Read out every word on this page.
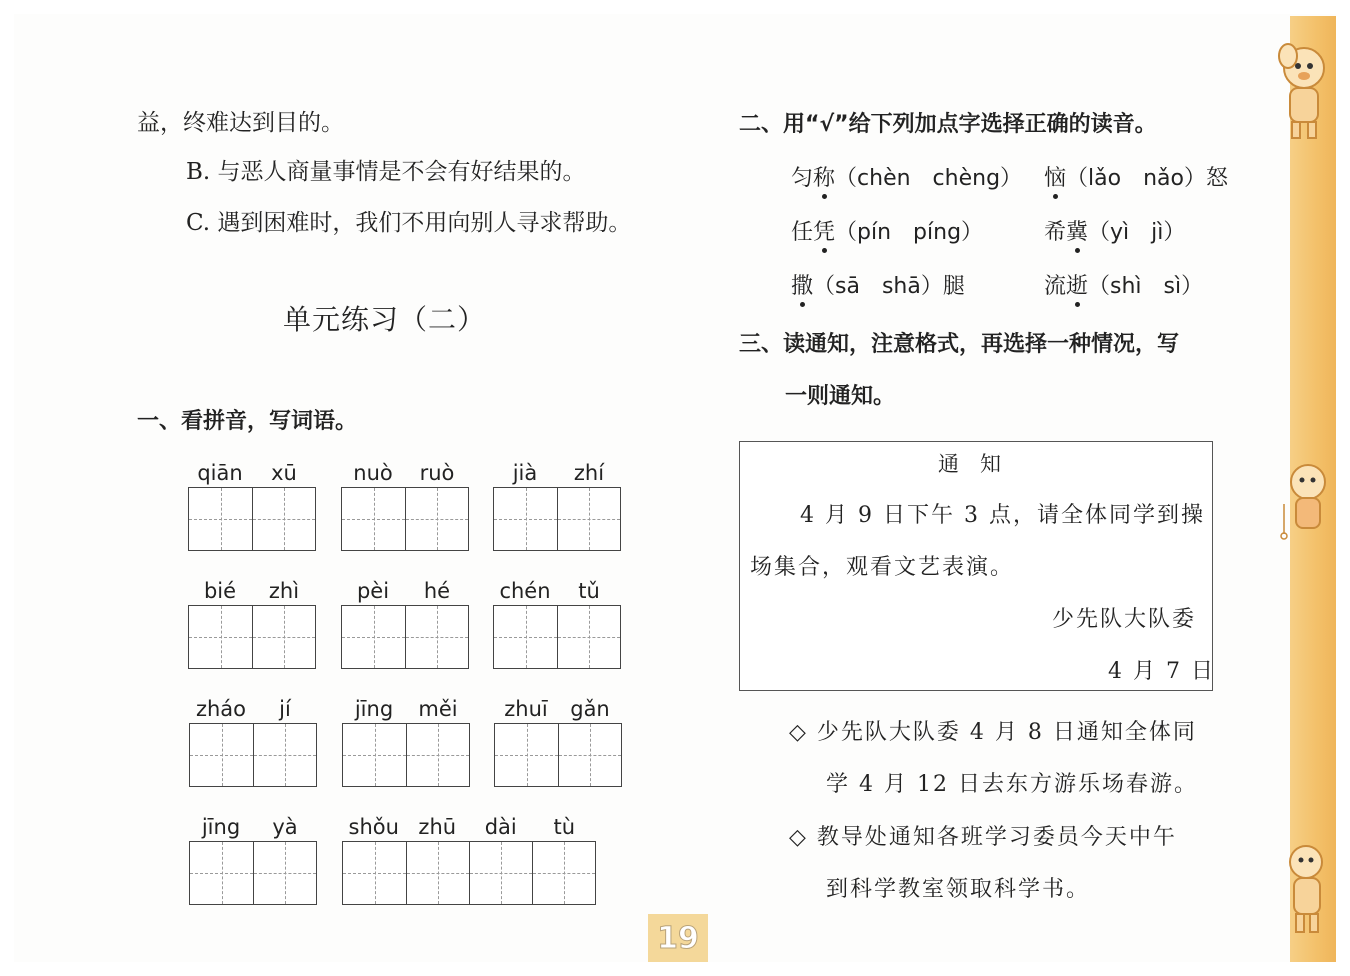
益，终难达到目的。
B. 与恶人商量事情是不会有好结果的。
C. 遇到困难时，我们不用向别人寻求帮助。
单元练习（二）
一、看拼音，写词语。
qiān	xū	nuò	ruò	jià	zhí
bié	zhì	pèi	hé	chén	tǔ
zháo	jí	jīng	měi	zhuī	gǎn
jīng	yà	shǒu zhū	dài	tù
二、用“√”给下列加点字选择正确的读音。
匀称（chèn　chèng） 恼（lǎo　nǎo）怒
任凭（pín　píng）	希冀（yì　jì）
撒（sā　shā）腿	流逝（shì　sì）
三、读通知，注意格式，再选择一种情况，写
一则通知。
通　知
4 月 9 日下午 3 点，请全体同学到操
场集合，观看文艺表演。
少先队大队委
4 月 7 日
◇ 少先队大队委 4 月 8 日通知全体同
学 4 月 12 日去东方游乐场春游。
◇ 教导处通知各班学习委员今天中午
到科学教室领取科学书。
19
